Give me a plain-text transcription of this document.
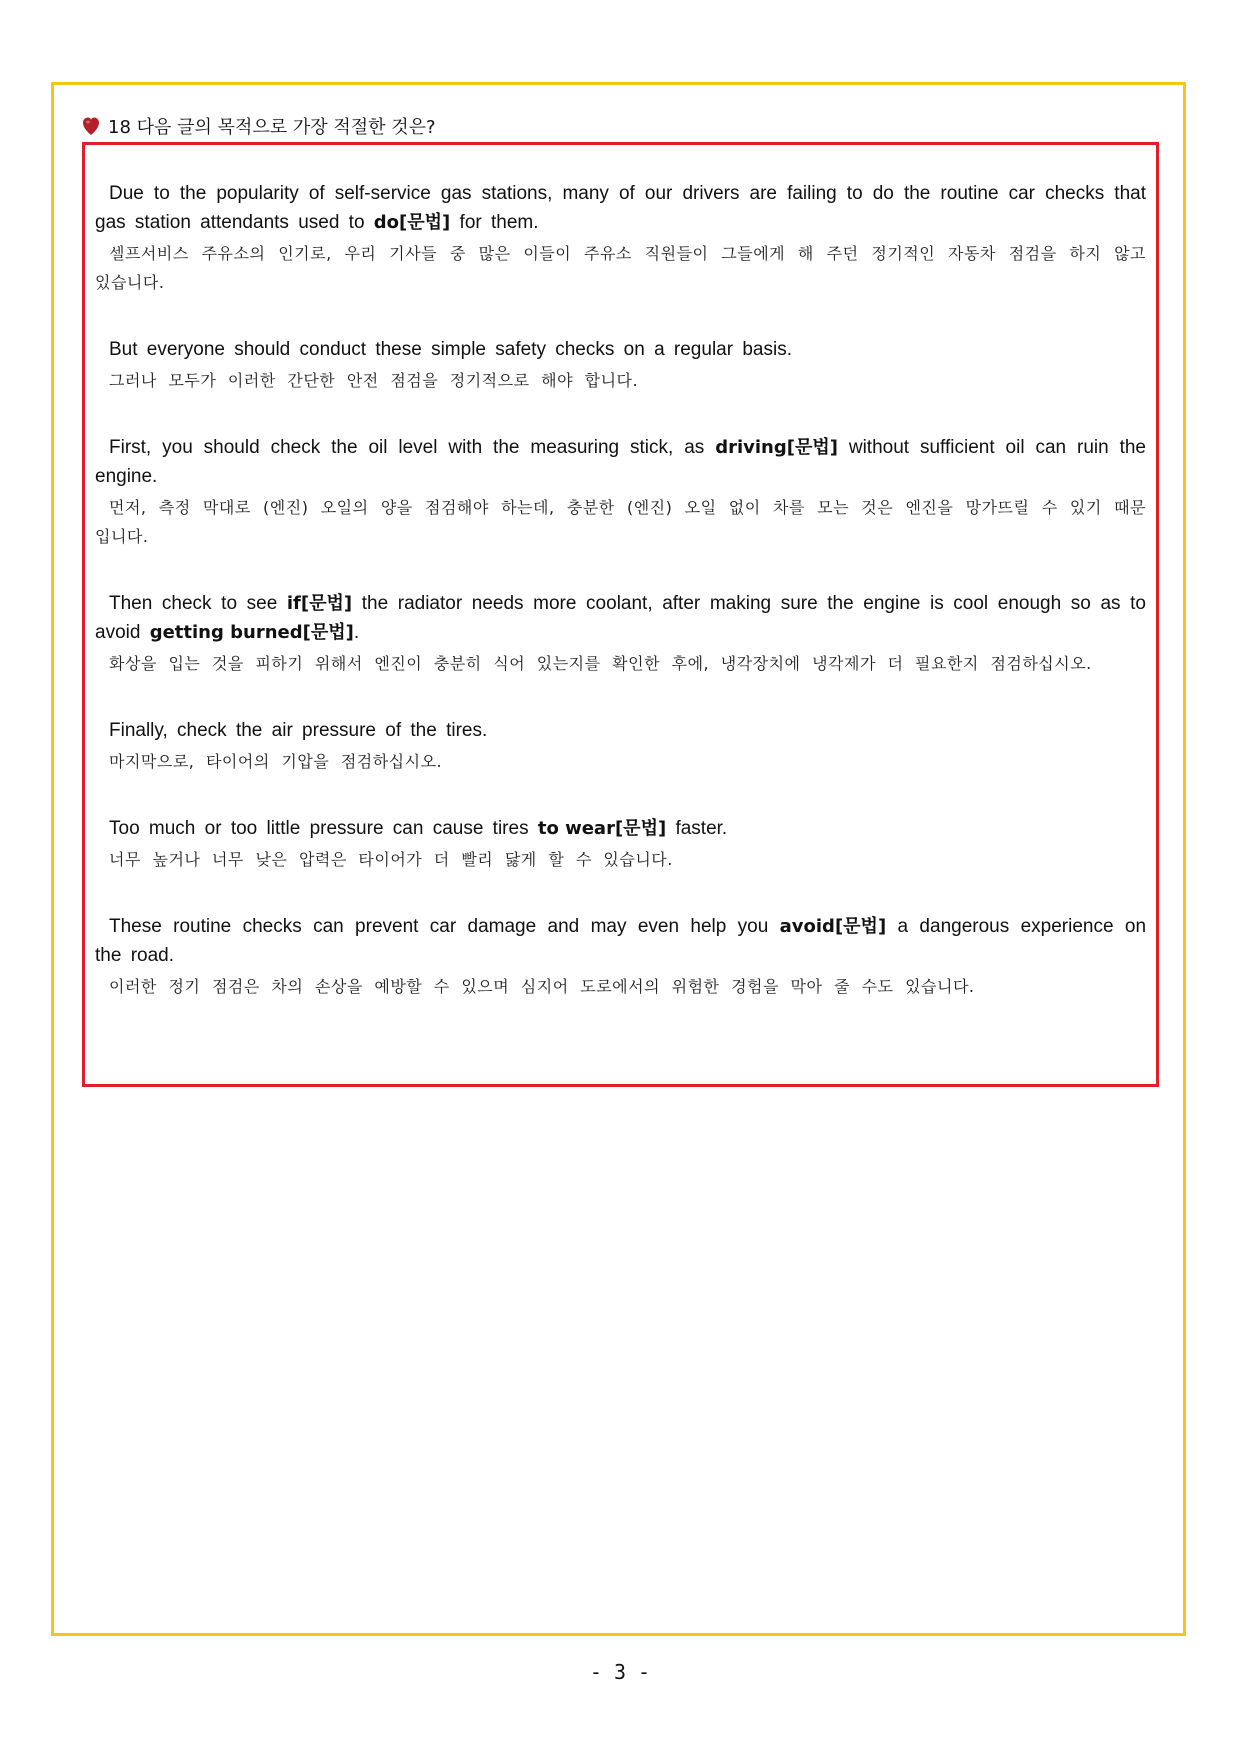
18 다음 글의 목적으로 가장 적절한 것은?

Due to the popularity of self-service gas stations, many of our drivers are failing to do the routine car checks that gas station attendants used to do[문법] for them.

셀프서비스 주유소의 인기로, 우리 기사들 중 많은 이들이 주유소 직원들이 그들에게 해 주던 정기적인 자동차 점검을 하지 않고 있습니다.

But everyone should conduct these simple safety checks on a regular basis.

그러나 모두가 이러한 간단한 안전 점검을 정기적으로 해야 합니다.

First, you should check the oil level with the measuring stick, as driving[문법] without sufficient oil can ruin the engine.

먼저, 측정 막대로 (엔진) 오일의 양을 점검해야 하는데, 충분한 (엔진) 오일 없이 차를 모는 것은 엔진을 망가뜨릴 수 있기 때문입니다.

Then check to see if[문법] the radiator needs more coolant, after making sure the engine is cool enough so as to avoid getting burned[문법].

화상을 입는 것을 피하기 위해서 엔진이 충분히 식어 있는지를 확인한 후에, 냉각장치에 냉각제가 더 필요한지 점검하십시오.

Finally, check the air pressure of the tires.

마지막으로, 타이어의 기압을 점검하십시오.

Too much or too little pressure can cause tires to wear[문법] faster.

너무 높거나 너무 낮은 압력은 타이어가 더 빨리 닳게 할 수 있습니다.

These routine checks can prevent car damage and may even help you avoid[문법] a dangerous experience on the road.

이러한 정기 점검은 차의 손상을 예방할 수 있으며 심지어 도로에서의 위험한 경험을 막아 줄 수도 있습니다.

- 3 -
